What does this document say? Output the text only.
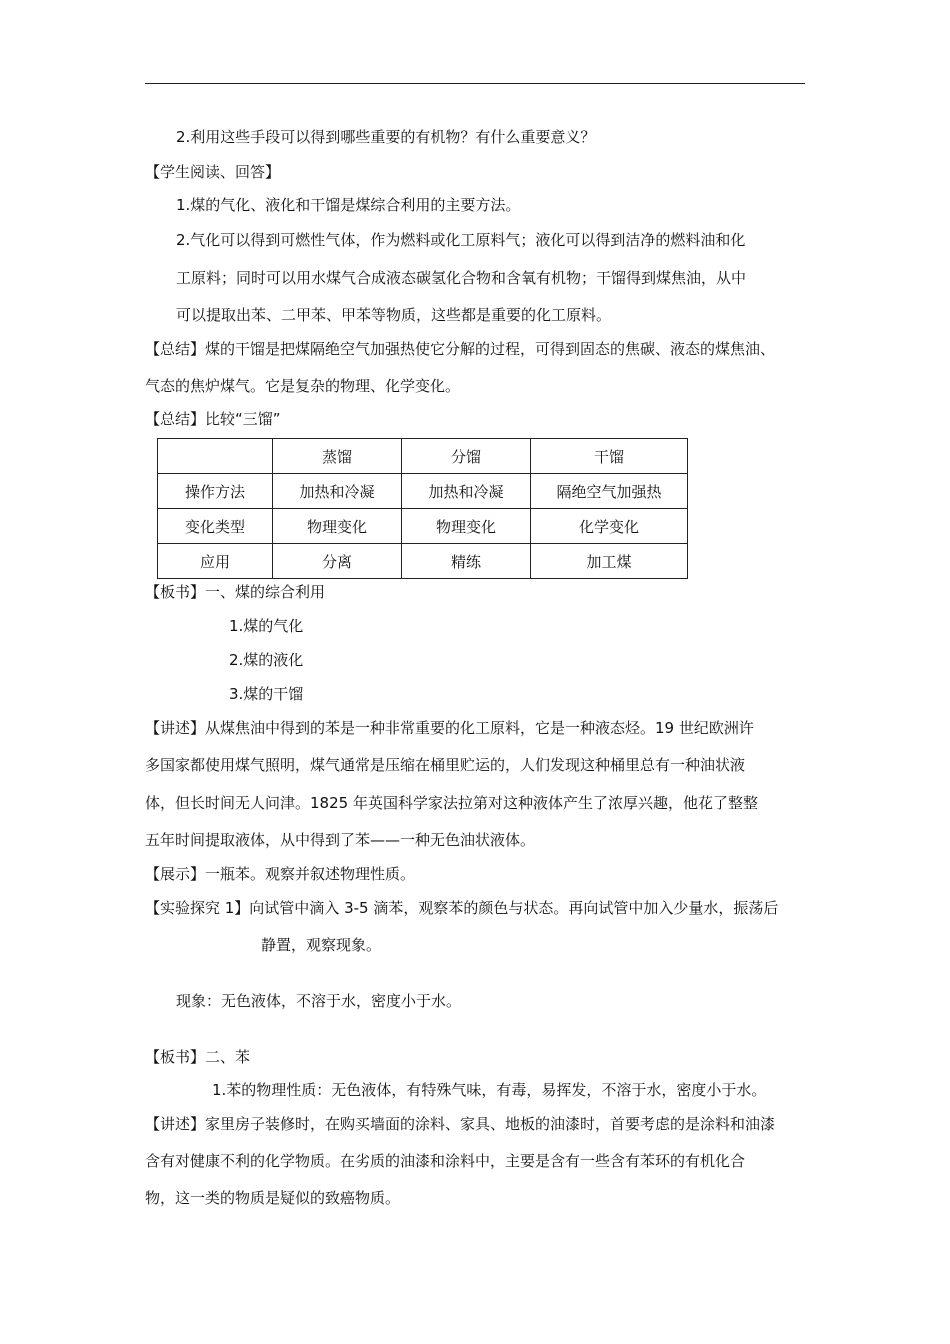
2.利用这些手段可以得到哪些重要的有机物？有什么重要意义？
【学生阅读、回答】
1.煤的气化、液化和干馏是煤综合利用的主要方法。
2.气化可以得到可燃性气体，作为燃料或化工原料气；液化可以得到洁净的燃料油和化
工原料；同时可以用水煤气合成液态碳氢化合物和含氧有机物；干馏得到煤焦油，从中
可以提取出苯、二甲苯、甲苯等物质，这些都是重要的化工原料。
【总结】煤的干馏是把煤隔绝空气加强热使它分解的过程，可得到固态的焦碳、液态的煤焦油、
气态的焦炉煤气。它是复杂的物理、化学变化。
【总结】比较“三馏”
	蒸馏	分馏	干馏
操作方法	加热和冷凝	加热和冷凝	隔绝空气加强热
变化类型	物理变化	物理变化	化学变化
应用	分离	精练	加工煤
【板书】一、煤的综合利用
1.煤的气化
2.煤的液化
3.煤的干馏
【讲述】从煤焦油中得到的苯是一种非常重要的化工原料，它是一种液态烃。19 世纪欧洲许
多国家都使用煤气照明，煤气通常是压缩在桶里贮运的，人们发现这种桶里总有一种油状液
体，但长时间无人问津。1825 年英国科学家法拉第对这种液体产生了浓厚兴趣，他花了整整
五年时间提取液体，从中得到了苯——一种无色油状液体。
【展示】一瓶苯。观察并叙述物理性质。
【实验探究 1】向试管中滴入 3-5 滴苯，观察苯的颜色与状态。再向试管中加入少量水，振荡后
静置，观察现象。
现象：无色液体，不溶于水，密度小于水。
【板书】二、苯
1.苯的物理性质：无色液体，有特殊气味，有毒，易挥发，不溶于水，密度小于水。
【讲述】家里房子装修时，在购买墙面的涂料、家具、地板的油漆时，首要考虑的是涂料和油漆
含有对健康不利的化学物质。在劣质的油漆和涂料中，主要是含有一些含有苯环的有机化合
物，这一类的物质是疑似的致癌物质。
